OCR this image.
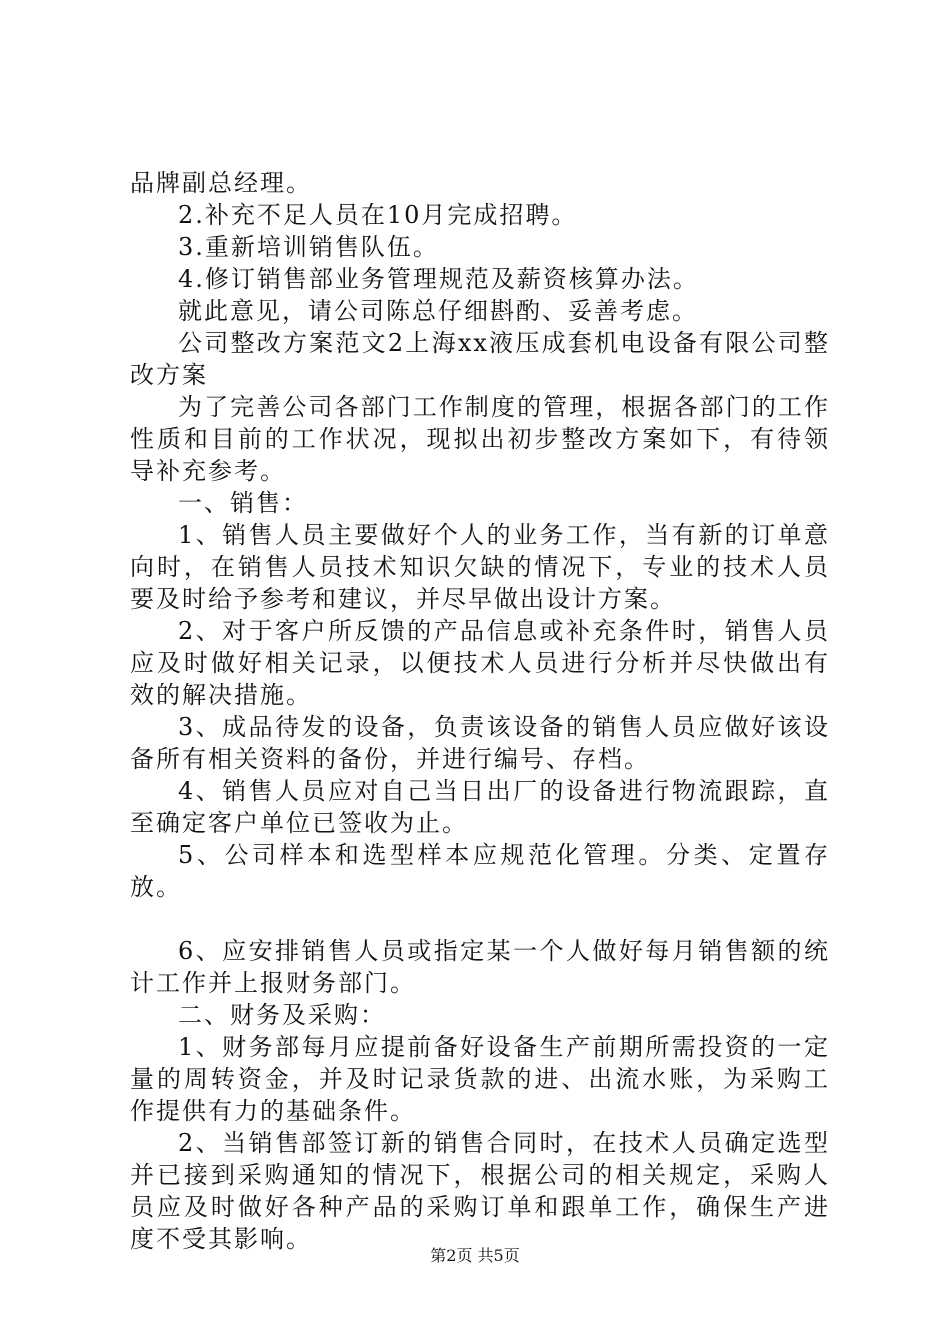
品牌副总经理。

2.补充不足人员在10月完成招聘。

3.重新培训销售队伍。

4.修订销售部业务管理规范及薪资核算办法。

就此意见，请公司陈总仔细斟酌、妥善考虑。

公司整改方案范文2上海xx液压成套机电设备有限公司整改方案

为了完善公司各部门工作制度的管理，根据各部门的工作性质和目前的工作状况，现拟出初步整改方案如下，有待领导补充参考。

一、销售：

1、销售人员主要做好个人的业务工作，当有新的订单意向时，在销售人员技术知识欠缺的情况下，专业的技术人员要及时给予参考和建议，并尽早做出设计方案。

2、对于客户所反馈的产品信息或补充条件时，销售人员应及时做好相关记录，以便技术人员进行分析并尽快做出有效的解决措施。

3、成品待发的设备，负责该设备的销售人员应做好该设备所有相关资料的备份，并进行编号、存档。

4、销售人员应对自己当日出厂的设备进行物流跟踪，直至确定客户单位已签收为止。

5、公司样本和选型样本应规范化管理。分类、定置存放。

6、应安排销售人员或指定某一个人做好每月销售额的统计工作并上报财务部门。

二、财务及采购：

1、财务部每月应提前备好设备生产前期所需投资的一定量的周转资金，并及时记录货款的进、出流水账，为采购工作提供有力的基础条件。

2、当销售部签订新的销售合同时，在技术人员确定选型并已接到采购通知的情况下，根据公司的相关规定，采购人员应及时做好各种产品的采购订单和跟单工作，确保生产进度不受其影响。

第2页 共5页
